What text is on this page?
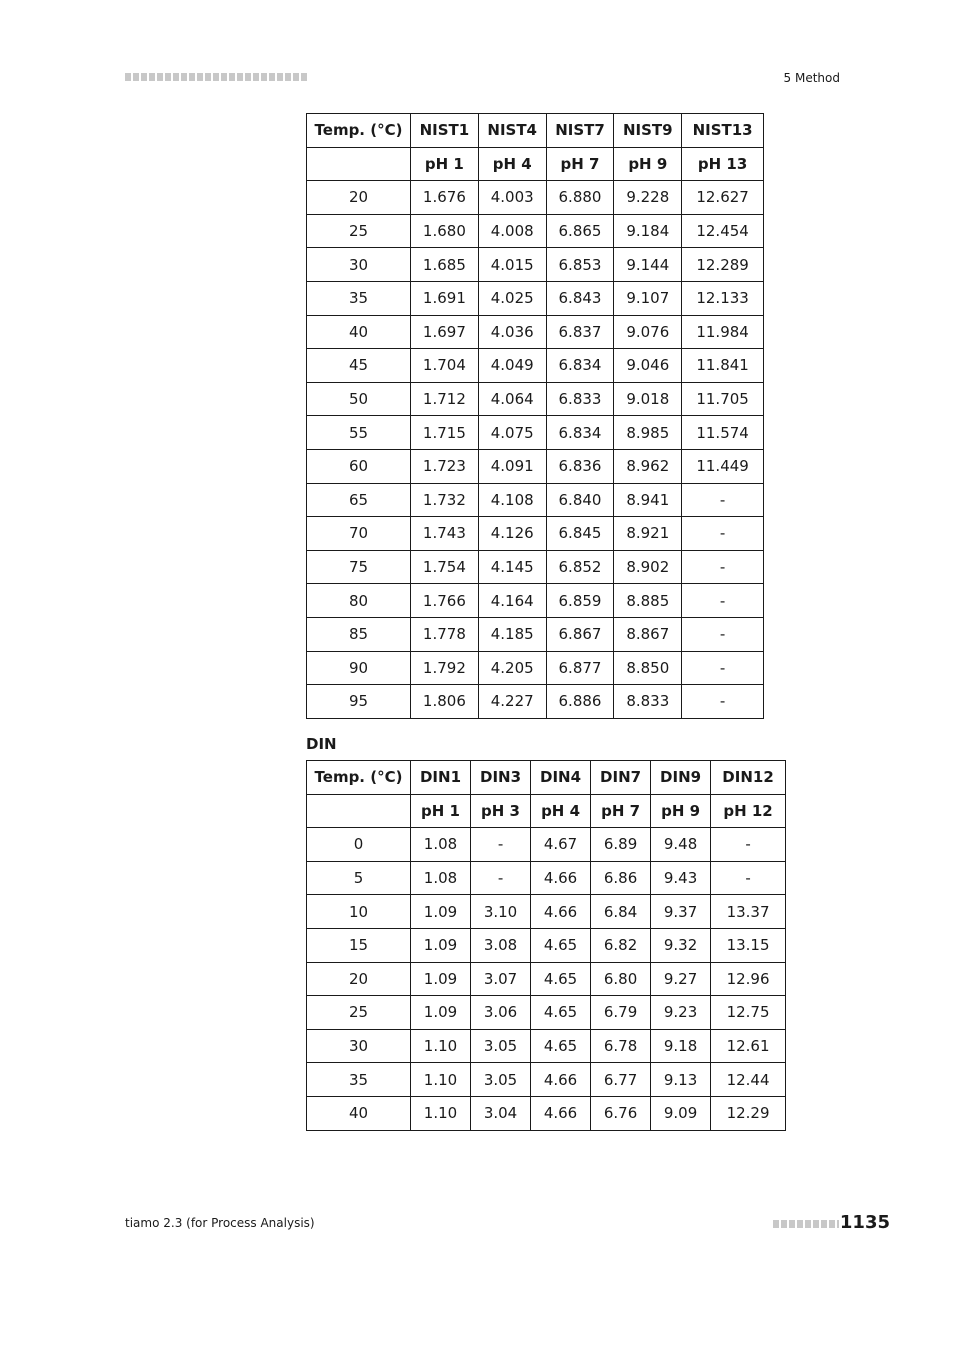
5 Method
Temp. (°C)	NIST1	NIST4	NIST7	NIST9	NIST13
	pH 1	pH 4	pH 7	pH 9	pH 13
20	1.676	4.003	6.880	9.228	12.627
25	1.680	4.008	6.865	9.184	12.454
30	1.685	4.015	6.853	9.144	12.289
35	1.691	4.025	6.843	9.107	12.133
40	1.697	4.036	6.837	9.076	11.984
45	1.704	4.049	6.834	9.046	11.841
50	1.712	4.064	6.833	9.018	11.705
55	1.715	4.075	6.834	8.985	11.574
60	1.723	4.091	6.836	8.962	11.449
65	1.732	4.108	6.840	8.941	-
70	1.743	4.126	6.845	8.921	-
75	1.754	4.145	6.852	8.902	-
80	1.766	4.164	6.859	8.885	-
85	1.778	4.185	6.867	8.867	-
90	1.792	4.205	6.877	8.850	-
95	1.806	4.227	6.886	8.833	-
DIN
Temp. (°C)	DIN1	DIN3	DIN4	DIN7	DIN9	DIN12
	pH 1	pH 3	pH 4	pH 7	pH 9	pH 12
0	1.08	-	4.67	6.89	9.48	-
5	1.08	-	4.66	6.86	9.43	-
10	1.09	3.10	4.66	6.84	9.37	13.37
15	1.09	3.08	4.65	6.82	9.32	13.15
20	1.09	3.07	4.65	6.80	9.27	12.96
25	1.09	3.06	4.65	6.79	9.23	12.75
30	1.10	3.05	4.65	6.78	9.18	12.61
35	1.10	3.05	4.66	6.77	9.13	12.44
40	1.10	3.04	4.66	6.76	9.09	12.29
tiamo 2.3 (for Process Analysis)	1135
